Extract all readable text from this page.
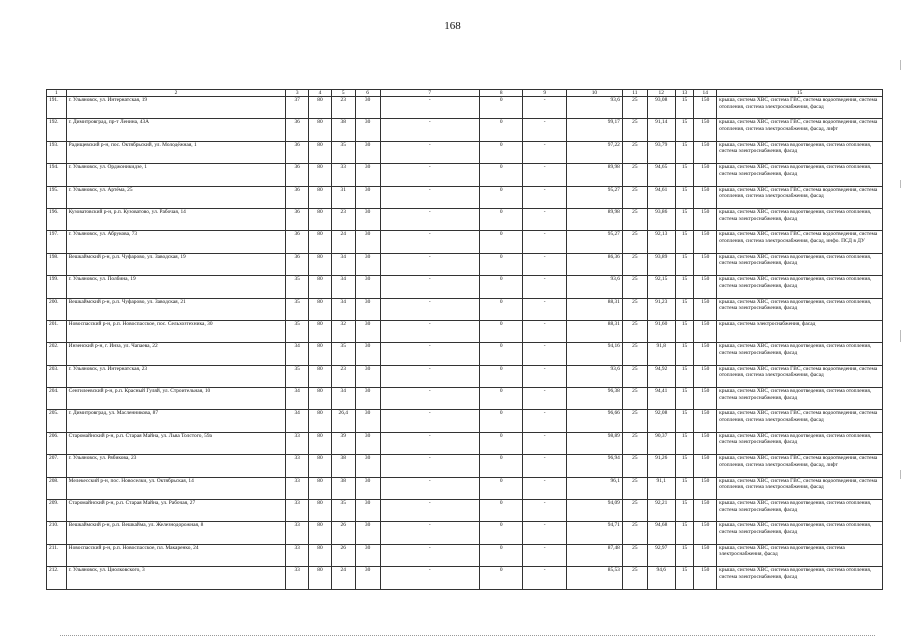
168
1	2	3	4	5	6	7	8	9	10	11	12	13	14	15
191.	г. Ульяновск, ул. Интернатская, 19	37	80	23	30	-	0	-	93,6	25	93,08	15	150	крыша, система ХВС, система ГВС, система водоотведения, система отопления, система электроснабжения, фасад
192.	г. Димитровград, пр-т Ленина, 43А	36	80	38	30	-	0	-	99,17	25	91,14	15	150	крыша, система ХВС, система ГВС, система водоотведения, система отопления, система электроснабжения, фасад, лифт
193.	Радищевский р-н, пос. Октябрьский, ул. Молодёжная, 1	36	80	35	30	-	0	-	97,22	25	93,79	15	150	крыша, система ХВС, система водоотведения, система отопления, система электроснабжения, фасад
194.	г. Ульяновск, ул. Орджоникидзе, 1	36	80	33	30	-	0	-	89,98	25	94,65	15	150	крыша, система ХВС, система водоотведения, система отопления, система электроснабжения, фасад
195.	г. Ульяновск, ул. Артёма, 25	36	80	31	30	-	0	-	95,27	25	94,61	15	150	крыша, система ХВС, система ГВС, система водоотведения, система отопления, система электроснабжения, фасад
196.	Кузоватовский р-н, р.п. Кузоватово, ул. Рабочая, 14	36	80	23	30	-	0	-	89,98	25	93,86	15	150	крыша, система ХВС, система водоотведения, система отопления, система электроснабжения, фасад
197.	г. Ульяновск, ул. Абрукова, 73	36	80	24	30	-	0	-	95,27	25	92,13	15	150	крыша, система ХВС, система ГВС, система водоотведения, система отопления, система электроснабжения, фасад, инфо. ПСД в ДУ
198.	Вешкаймский р-н, р.п. Чуфарово, ул. Заводская, 19	36	80	34	30	-	0	-	86,36	25	93,89	15	150	крыша, система ХВС, система водоотведения, система отопления, система электроснабжения, фасад
199.	г. Ульяновск, ул. Полбина, 19	35	80	34	30	-	0	-	93,6	25	92,15	15	150	крыша, система ХВС, система водоотведения, система отопления, система электроснабжения, фасад
200.	Вешкаймский р-н, р.п. Чуфарово, ул. Заводская, 21	35	80	34	30	-	0	-	88,31	25	91,23	15	150	крыша, система ХВС, система водоотведения, система отопления, система электроснабжения, фасад
201.	Новоспасский р-н, р.п. Новоспасское, пос. Сельхозтехника, 30	35	80	32	30	-	0	-	88,31	25	91,60	15	150	крыша, система электроснабжения, фасад
202.	Инзенский р-н, г. Инза, ул. Чапаева, 22	34	80	35	30	-	0	-	94,16	25	91,8	15	150	крыша, система ХВС, система водоотведения, система отопления, система электроснабжения, фасад
203.	г. Ульяновск, ул. Интернатская, 23	35	80	23	30	-	0	-	93,6	25	94,92	15	150	крыша, система ХВС, система ГВС, система водоотведения, система отопления, система электроснабжения, фасад
204.	Сенгилеевский р-н, р.п. Красный Гуляй, ул. Строительная, 10	34	80	34	30	-	0	-	96,38	25	94,41	15	150	крыша, система ХВС, система водоотведения, система отопления, система электроснабжения, фасад
205.	г. Димитровград, ул. Масленникова, 87	34	80	26,4	30	-	0	-	96,66	25	92,08	15	150	крыша, система ХВС, система ГВС, система водоотведения, система отопления, система электроснабжения, фасад
206.	Старомайнский р-н, р.п. Старая Майна, ул. Льва Толстого, 59а	33	80	39	30	-	0	-	98,89	25	90,37	15	150	крыша, система ХВС, система водоотведения, система отопления, система электроснабжения, фасад
207.	г. Ульяновск, ул. Рябикова, 23	33	80	38	30	-	0	-	96,94	25	91,26	15	150	крыша, система ХВС, система ГВС, система водоотведения, система отопления, система электроснабжения, фасад, лифт
208.	Мелекесский р-н, пос. Новоселки, ул. Октябрьская, 14	33	80	38	30	-	0	-	96,1	25	91,1	15	150	крыша, система ХВС, система ГВС, система водоотведения, система отопления, система электроснабжения, фасад
209.	Старомайнский р-н, р.п. Старая Майна, ул. Рабочая, 27	33	80	35	30	-	0	-	94,09	25	92,21	15	150	крыша, система ХВС, система водоотведения, система отопления, система электроснабжения, фасад
210.	Вешкаймский р-н, р.п. Вешкайма, ул. Железнодорожная, 8	33	80	26	30	-	0	-	94,71	25	94,68	15	150	крыша, система ХВС, система водоотведения, система отопления, система электроснабжения, фасад
211.	Новоспасский р-н, р.п. Новоспасское, пл. Макаренко, 24	33	80	26	30	-	0	-	87,48	25	92,97	15	150	крыша, система ХВС, система водоотведения, система электроснабжения, фасад
212.	г. Ульяновск, ул. Циолковского, 3	33	80	24	30	-	0	-	85,53	25	94,6	15	150	крыша, система ХВС, система водоотведения, система отопления, система электроснабжения, фасад
